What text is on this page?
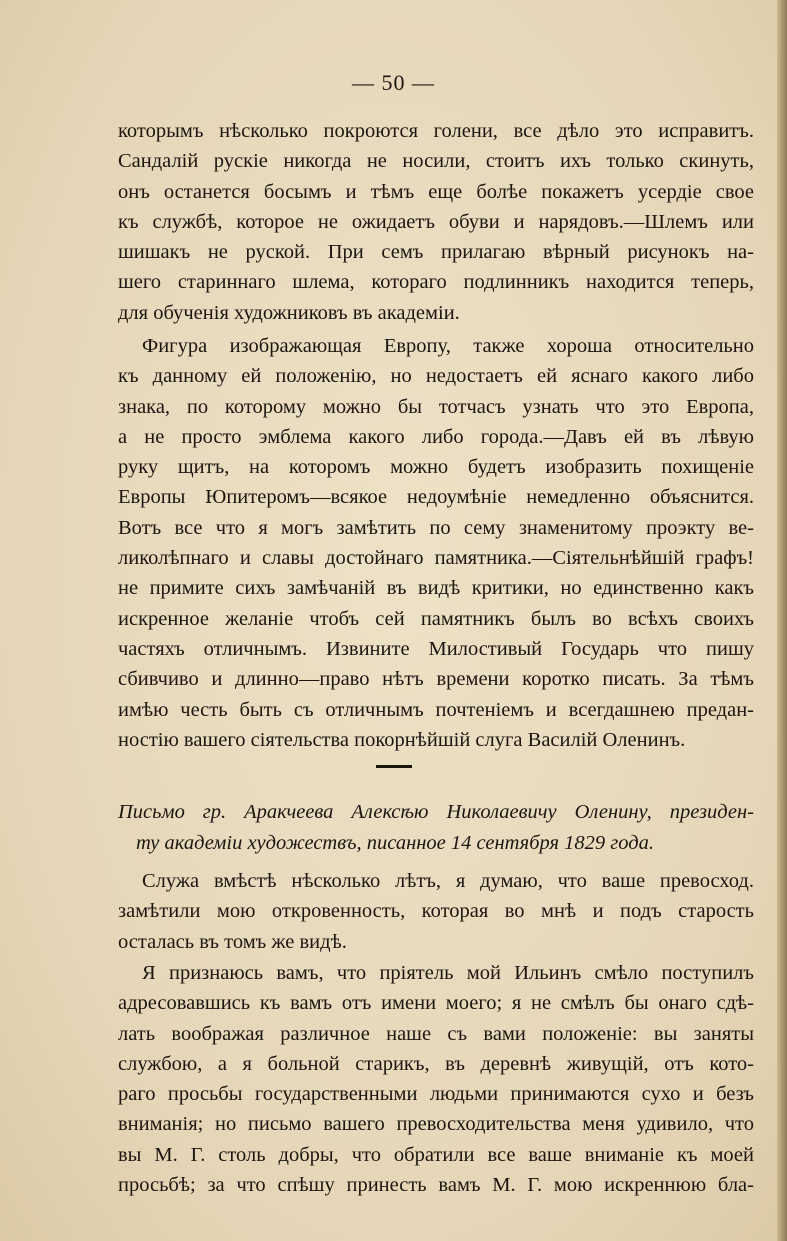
— 50 —
которымъ нѣсколько покроются голени, все дѣло это исправитъ.
Сандалій рускіе никогда не носили, стоитъ ихъ только скинуть,
онъ останется босымъ и тѣмъ еще болѣе покажетъ усердіе свое
къ службѣ, которое не ожидаетъ обуви и нарядовъ.—Шлемъ или
шишакъ не руской. При семъ прилагаю вѣрный рисунокъ на-
шего стариннаго шлема, котораго подлинникъ находится теперь,
для обученія художниковъ въ академіи.
Фигура изображающая Европу, также хороша относительно
къ данному ей положенію, но недостаетъ ей яснаго какого либо
знака, по которому можно бы тотчасъ узнать что это Европа,
а не просто эмблема какого либо города.—Давъ ей въ лѣвую
руку щитъ, на которомъ можно будетъ изобразить похищеніе
Европы Юпитеромъ—всякое недоумѣніе немедленно объяснится.
Вотъ все что я могъ замѣтить по сему знаменитому проэкту ве-
ликолѣпнаго и славы достойнаго памятника.—Сіятельнѣйшій графъ!
не примите сихъ замѣчаній въ видѣ критики, но единственно какъ
искренное желаніе чтобъ сей памятникъ былъ во всѣхъ своихъ
частяхъ отличнымъ. Извините Милостивый Государь что пишу
сбивчиво и длинно—право нѣтъ времени коротко писать. За тѣмъ
имѣю честь быть съ отличнымъ почтеніемъ и всегдашнею предан-
ностію вашего сіятельства покорнѣйшій слуга Василій Оленинъ.
Письмо гр. Аракчеева Алексѣю Николаевичу Оленину, президен-
ту академіи художествъ, писанное 14 сентября 1829 года.
Служа вмѣстѣ нѣсколько лѣтъ, я думаю, что ваше превосход.
замѣтили мою откровенность, которая во мнѣ и подъ старость
осталась въ томъ же видѣ.
Я признаюсь вамъ, что пріятель мой Ильинъ смѣло поступилъ
адресовавшись къ вамъ отъ имени моего; я не смѣлъ бы онаго сдѣ-
лать воображая различное наше съ вами положеніе: вы заняты
службою, а я больной старикъ, въ деревнѣ живущій, отъ кото-
раго просьбы государственными людьми принимаются сухо и безъ
вниманія; но письмо вашего превосходительства меня удивило, что
вы М. Г. столь добры, что обратили все ваше вниманіе къ моей
просьбѣ; за что спѣшу принесть вамъ М. Г. мою искреннюю бла-
